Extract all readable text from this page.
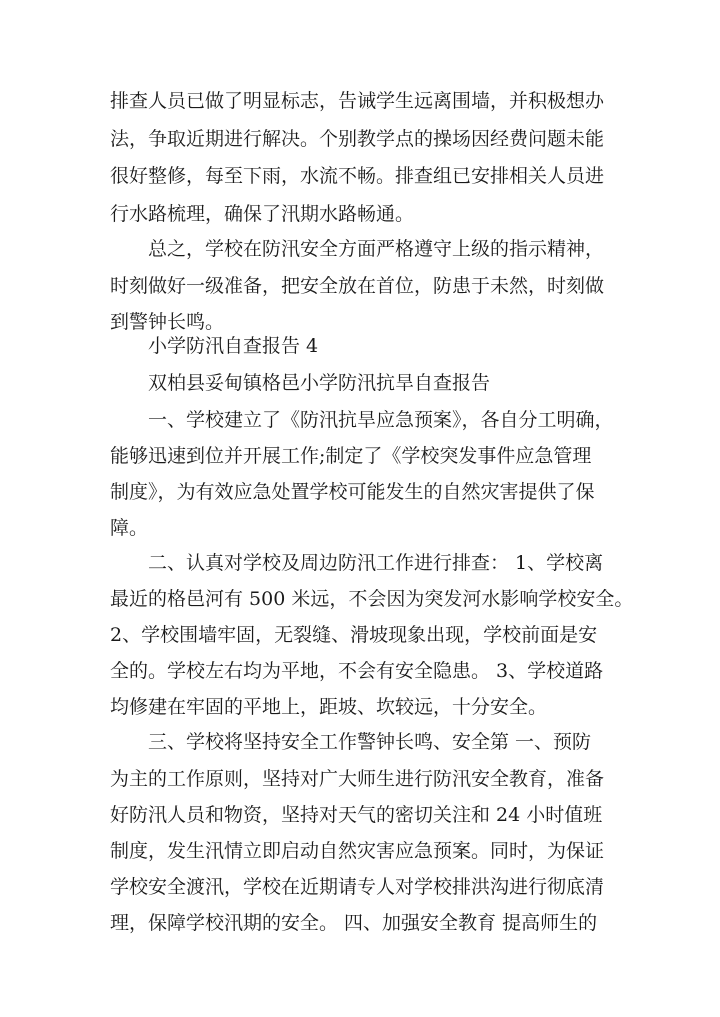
排查人员已做了明显标志，告诫学生远离围墙，并积极想办
法，争取近期进行解决。个别教学点的操场因经费问题未能
很好整修，每至下雨，水流不畅。排查组已安排相关人员进
行水路梳理，确保了汛期水路畅通。
总之，学校在防汛安全方面严格遵守上级的指示精神，
时刻做好一级准备，把安全放在首位，防患于未然，时刻做
到警钟长鸣。
小学防汛自查报告 4
双柏县妥甸镇格邑小学防汛抗旱自查报告
一、学校建立了《防汛抗旱应急预案》，各自分工明确，
能够迅速到位并开展工作;制定了《学校突发事件应急管理
制度》，为有效应急处置学校可能发生的自然灾害提供了保
障。
二、认真对学校及周边防汛工作进行排查： 1、学校离
最近的格邑河有 500 米远，不会因为突发河水影响学校安全。
2、学校围墙牢固，无裂缝、滑坡现象出现，学校前面是安
全的。学校左右均为平地，不会有安全隐患。 3、学校道路
均修建在牢固的平地上，距坡、坎较远，十分安全。
三、学校将坚持安全工作警钟长鸣、安全第 一、预防
为主的工作原则，坚持对广大师生进行防汛安全教育，准备
好防汛人员和物资，坚持对天气的密切关注和 24 小时值班
制度，发生汛情立即启动自然灾害应急预案。同时，为保证
学校安全渡汛，学校在近期请专人对学校排洪沟进行彻底清
理，保障学校汛期的安全。 四、加强安全教育 提高师生的
